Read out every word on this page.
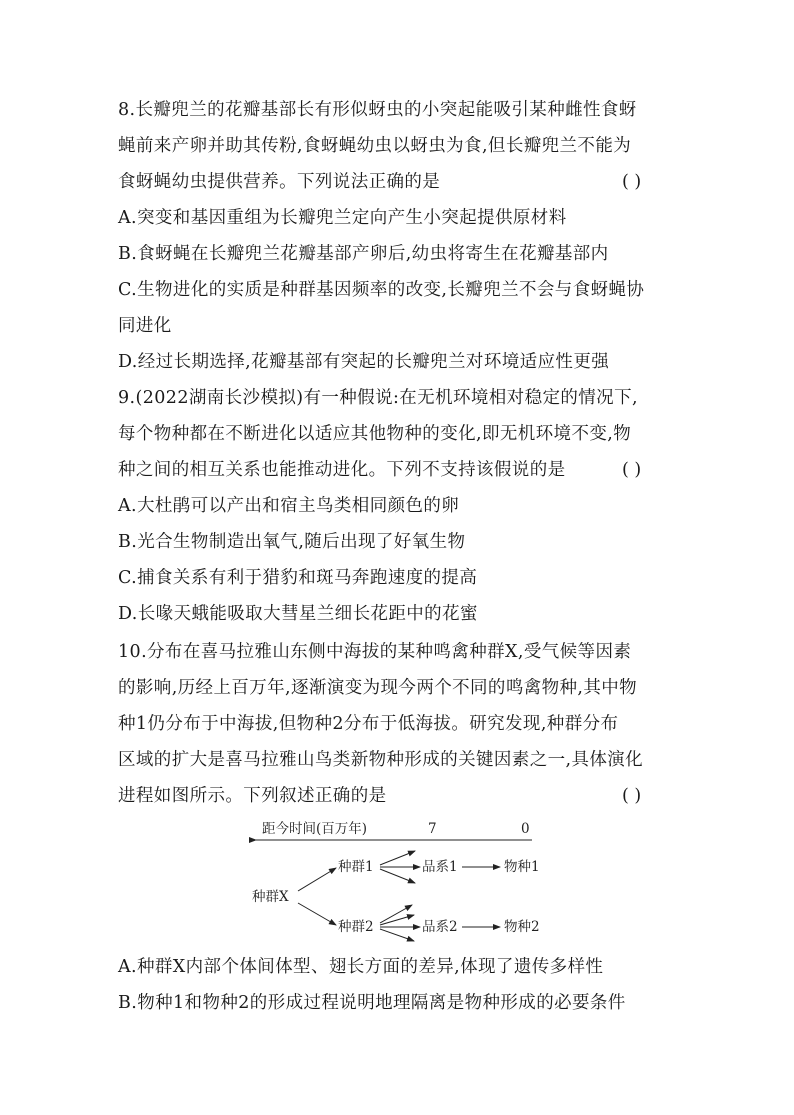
8.长瓣兜兰的花瓣基部长有形似蚜虫的小突起能吸引某种雌性食蚜
蝇前来产卵并助其传粉,食蚜蝇幼虫以蚜虫为食,但长瓣兜兰不能为
食蚜蝇幼虫提供营养。下列说法正确的是	( )
A.突变和基因重组为长瓣兜兰定向产生小突起提供原材料
B.食蚜蝇在长瓣兜兰花瓣基部产卵后,幼虫将寄生在花瓣基部内
C.生物进化的实质是种群基因频率的改变,长瓣兜兰不会与食蚜蝇协
同进化
D.经过长期选择,花瓣基部有突起的长瓣兜兰对环境适应性更强
9.(2022湖南长沙模拟)有一种假说:在无机环境相对稳定的情况下,
每个物种都在不断进化以适应其他物种的变化,即无机环境不变,物
种之间的相互关系也能推动进化。下列不支持该假说的是	( )
A.大杜鹃可以产出和宿主鸟类相同颜色的卵
B.光合生物制造出氧气,随后出现了好氧生物
C.捕食关系有利于猎豹和斑马奔跑速度的提高
D.长喙天蛾能吸取大彗星兰细长花距中的花蜜
10.分布在喜马拉雅山东侧中海拔的某种鸣禽种群X,受气候等因素
的影响,历经上百万年,逐渐演变为现今两个不同的鸣禽物种,其中物
种1仍分布于中海拔,但物种2分布于低海拔。研究发现,种群分布
区域的扩大是喜马拉雅山鸟类新物种形成的关键因素之一,具体演化
进程如图所示。下列叙述正确的是	( )
距今时间(百万年)	7	0
种群X
种群1	品系1	物种1
种群2	品系2	物种2
A.种群X内部个体间体型、翅长方面的差异,体现了遗传多样性
B.物种1和物种2的形成过程说明地理隔离是物种形成的必要条件
